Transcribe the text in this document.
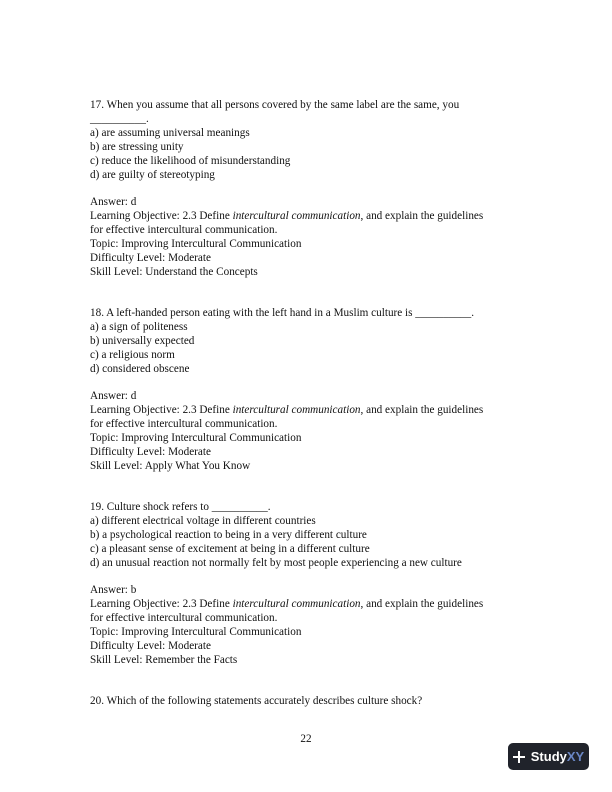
17. When you assume that all persons covered by the same label are the same, you
__________.
a) are assuming universal meanings
b) are stressing unity
c) reduce the likelihood of misunderstanding
d) are guilty of stereotyping
Answer: d
Learning Objective: 2.3 Define intercultural communication, and explain the guidelines
for effective intercultural communication.
Topic: Improving Intercultural Communication
Difficulty Level: Moderate
Skill Level: Understand the Concepts
18. A left-handed person eating with the left hand in a Muslim culture is __________.
a) a sign of politeness
b) universally expected
c) a religious norm
d) considered obscene
Answer: d
Learning Objective: 2.3 Define intercultural communication, and explain the guidelines
for effective intercultural communication.
Topic: Improving Intercultural Communication
Difficulty Level: Moderate
Skill Level: Apply What You Know
19. Culture shock refers to __________.
a) different electrical voltage in different countries
b) a psychological reaction to being in a very different culture
c) a pleasant sense of excitement at being in a different culture
d) an unusual reaction not normally felt by most people experiencing a new culture
Answer: b
Learning Objective: 2.3 Define intercultural communication, and explain the guidelines
for effective intercultural communication.
Topic: Improving Intercultural Communication
Difficulty Level: Moderate
Skill Level: Remember the Facts
20. Which of the following statements accurately describes culture shock?
22
Study XY
